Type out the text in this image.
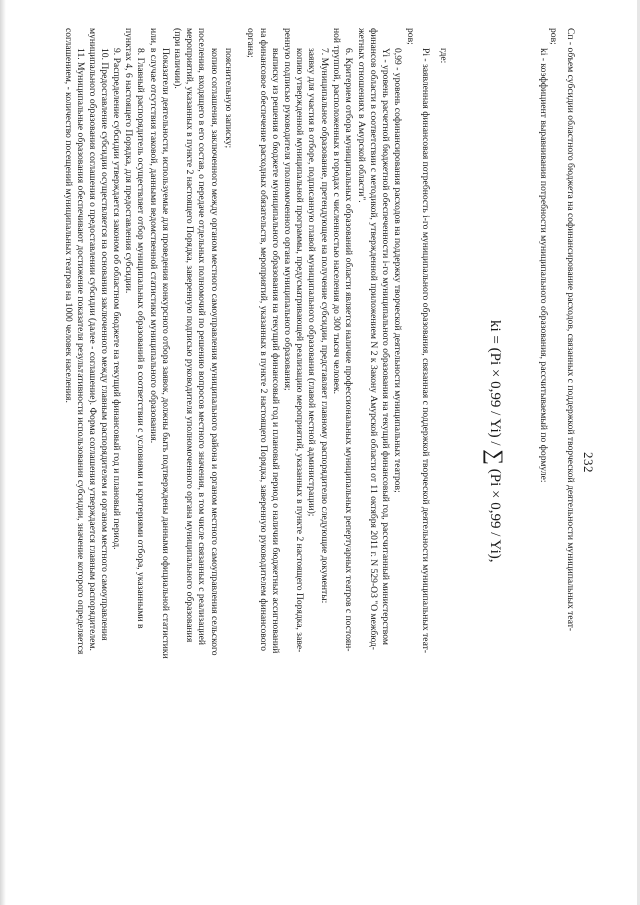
232
Сп - объем субсидии областного бюджета на софинансирование расходов, связанных с поддержкой творческой деятельности муниципальных теат-
ров;
ki - коэффициент выравнивания потребности муниципального образования, рассчитываемый по формуле:
ki = (Pi × 0,99 / Yi) / ∑ (Pi × 0,99 / Yi),
где:
Pi - заявленная финансовая потребность i-го муниципального образования, связанная с поддержкой творческой деятельности муниципальных теат-
ров;
0,99 - уровень софинансирования расходов на поддержку творческой деятельности муниципальных театров;
Yi - уровень расчетной бюджетной обеспеченности i-го муниципального образования на текущий финансовый год, рассчитанный министерством
финансов области в соответствии с методикой, утвержденной приложением N 2 к Закону Амурской области от 11 октября 2011 г. N 529-ОЗ "О межбюд-
жетных отношениях в Амурской области".
6. Критерием отбора муниципальных образований области является наличие профессиональных муниципальных репертуарных театров с постоян-
ной труппой, расположенных в городах с численностью населения до 300 тысяч человек.
7. Муниципальное образование, претендующее на получение субсидии, представляет главному распорядителю следующие документы:
заявку для участия в отборе, подписанную главой муниципального образования (главой местной администрации);
копию утвержденной муниципальной программы, предусматривающей реализацию мероприятий, указанных в пункте 2 настоящего Порядка, заве-
ренную подписью руководителя уполномоченного органа муниципального образования;
выписку из решения о бюджете муниципального образования на текущий финансовый год и плановый период о наличии бюджетных ассигнований
на финансовое обеспечение расходных обязательств, мероприятий, указанных в пункте 2 настоящего Порядка, заверенную руководителем финансового
органа;
пояснительную записку;
копию соглашения, заключенного между органом местного самоуправления муниципального района и органом местного самоуправления сельского
поселения, входящего в его состав, о передаче отдельных полномочий по решению вопросов местного значения, в том числе связанных с реализацией
мероприятий, указанных в пункте 2 настоящего Порядка, заверенную подписью руководителя уполномоченного органа муниципального образования
(при наличии).
Показатели деятельности, используемые для проведения конкурсного отбора заявок, должны быть подтверждены данными официальной статистики
или, в случае отсутствия таковой, данными ведомственной статистики муниципального образования.
8. Главный распорядитель осуществляет отбор муниципальных образований в соответствии с условиями и критериями отбора, указанными в
пунктах 4, 6 настоящего Порядка, для предоставления субсидии.
9. Распределение субсидии утверждается законом об областном бюджете на текущий финансовый год и плановый период.
10. Предоставление субсидии осуществляется на основании заключенного между главным распорядителем и органом местного самоуправления
муниципального образования соглашения о предоставлении субсидии (далее - соглашение). Форма соглашения утверждается главным распорядителем.
11. Муниципальные образования обеспечивают достижение показателя результативности использования субсидии, значение которого определяется
соглашением, - количество посещений муниципальных театров на 1000 человек населения.
